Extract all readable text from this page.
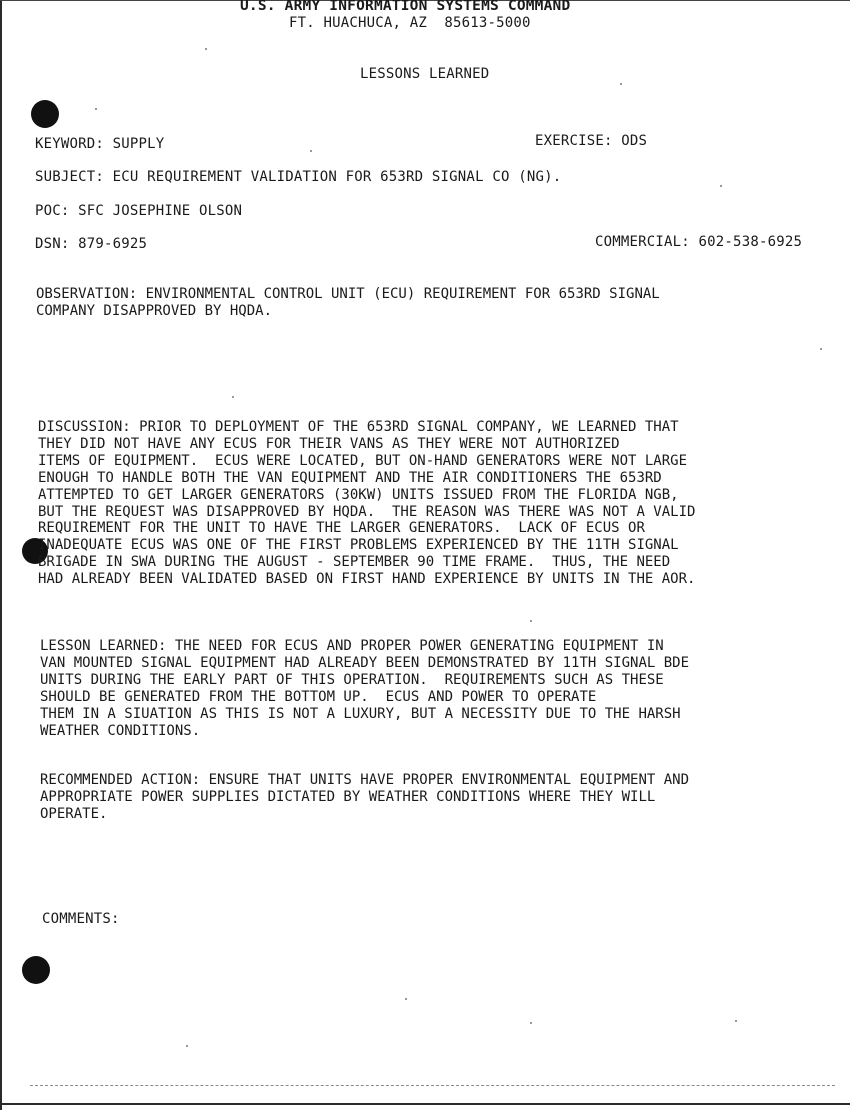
U.S. ARMY INFORMATION SYSTEMS COMMAND
FT. HUACHUCA, AZ  85613-5000
LESSONS LEARNED
KEYWORD: SUPPLY	EXERCISE: ODS
SUBJECT: ECU REQUIREMENT VALIDATION FOR 653RD SIGNAL CO (NG).
POC: SFC JOSEPHINE OLSON
DSN: 879-6925	COMMERCIAL: 602-538-6925
OBSERVATION: ENVIRONMENTAL CONTROL UNIT (ECU) REQUIREMENT FOR 653RD SIGNAL
COMPANY DISAPPROVED BY HQDA.
DISCUSSION: PRIOR TO DEPLOYMENT OF THE 653RD SIGNAL COMPANY, WE LEARNED THAT
THEY DID NOT HAVE ANY ECUS FOR THEIR VANS AS THEY WERE NOT AUTHORIZED
ITEMS OF EQUIPMENT.  ECUS WERE LOCATED, BUT ON-HAND GENERATORS WERE NOT LARGE
ENOUGH TO HANDLE BOTH THE VAN EQUIPMENT AND THE AIR CONDITIONERS THE 653RD
ATTEMPTED TO GET LARGER GENERATORS (30KW) UNITS ISSUED FROM THE FLORIDA NGB,
BUT THE REQUEST WAS DISAPPROVED BY HQDA.  THE REASON WAS THERE WAS NOT A VALID
REQUIREMENT FOR THE UNIT TO HAVE THE LARGER GENERATORS.  LACK OF ECUS OR
INADEQUATE ECUS WAS ONE OF THE FIRST PROBLEMS EXPERIENCED BY THE 11TH SIGNAL
BRIGADE IN SWA DURING THE AUGUST - SEPTEMBER 90 TIME FRAME.  THUS, THE NEED
HAD ALREADY BEEN VALIDATED BASED ON FIRST HAND EXPERIENCE BY UNITS IN THE AOR.
LESSON LEARNED: THE NEED FOR ECUS AND PROPER POWER GENERATING EQUIPMENT IN
VAN MOUNTED SIGNAL EQUIPMENT HAD ALREADY BEEN DEMONSTRATED BY 11TH SIGNAL BDE
UNITS DURING THE EARLY PART OF THIS OPERATION.  REQUIREMENTS SUCH AS THESE
SHOULD BE GENERATED FROM THE BOTTOM UP.  ECUS AND POWER TO OPERATE
THEM IN A SIUATION AS THIS IS NOT A LUXURY, BUT A NECESSITY DUE TO THE HARSH
WEATHER CONDITIONS.
RECOMMENDED ACTION: ENSURE THAT UNITS HAVE PROPER ENVIRONMENTAL EQUIPMENT AND
APPROPRIATE POWER SUPPLIES DICTATED BY WEATHER CONDITIONS WHERE THEY WILL
OPERATE.
COMMENTS:
